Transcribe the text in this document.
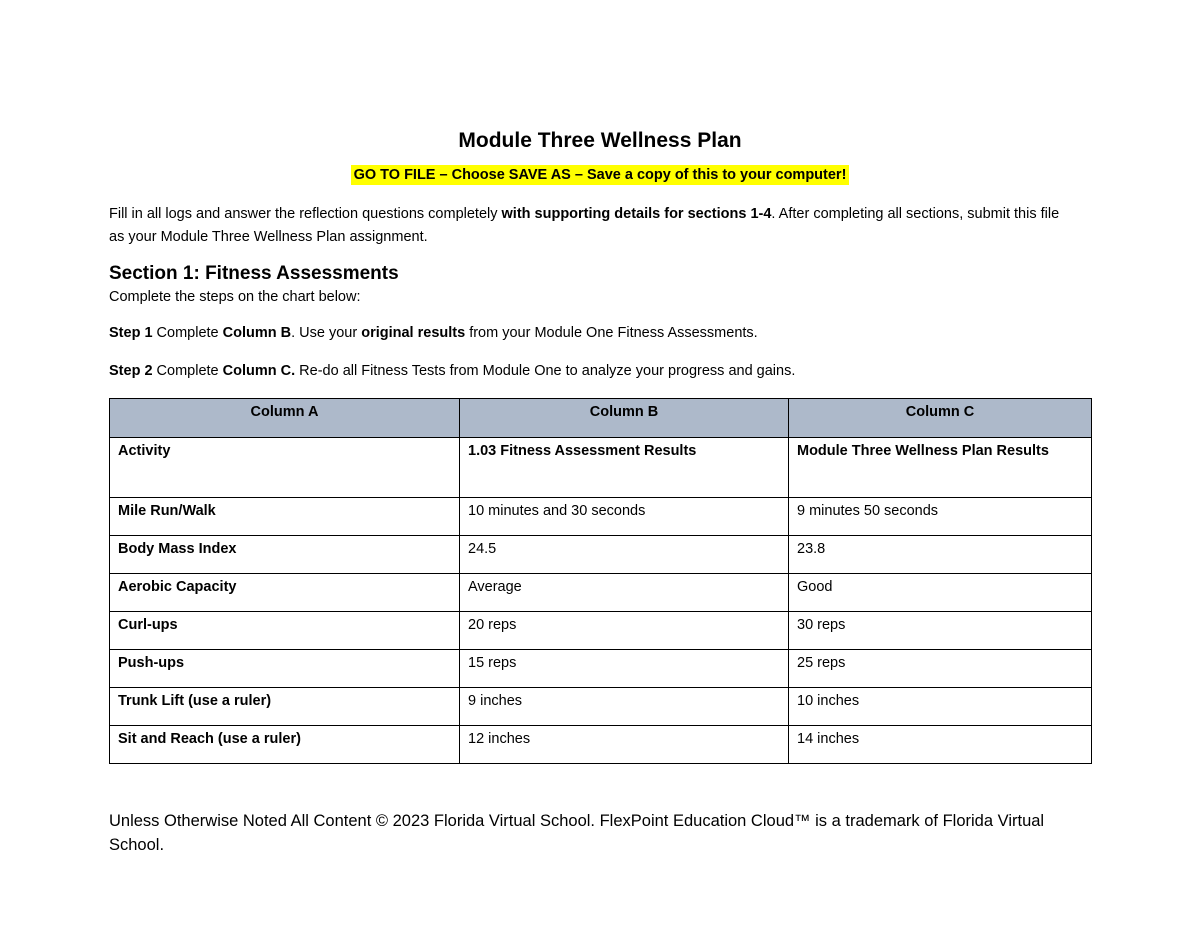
Module Three Wellness Plan
GO TO FILE – Choose SAVE AS – Save a copy of this to your computer!
Fill in all logs and answer the reflection questions completely with supporting details for sections 1-4. After completing all sections, submit this file as your Module Three Wellness Plan assignment.
Section 1: Fitness Assessments
Complete the steps on the chart below:
Step 1 Complete Column B. Use your original results from your Module One Fitness Assessments.
Step 2 Complete Column C. Re-do all Fitness Tests from Module One to analyze your progress and gains.
Column A	Column B	Column C
Activity	1.03 Fitness Assessment Results	Module Three Wellness Plan Results
Mile Run/Walk	10 minutes and 30 seconds	9 minutes 50 seconds
Body Mass Index	24.5	23.8
Aerobic Capacity	Average	Good
Curl-ups	20 reps	30 reps
Push-ups	15 reps	25 reps
Trunk Lift (use a ruler)	9 inches	10 inches
Sit and Reach (use a ruler)	12 inches	14 inches
Unless Otherwise Noted All Content © 2023 Florida Virtual School. FlexPoint Education Cloud™ is a trademark of Florida Virtual School.
